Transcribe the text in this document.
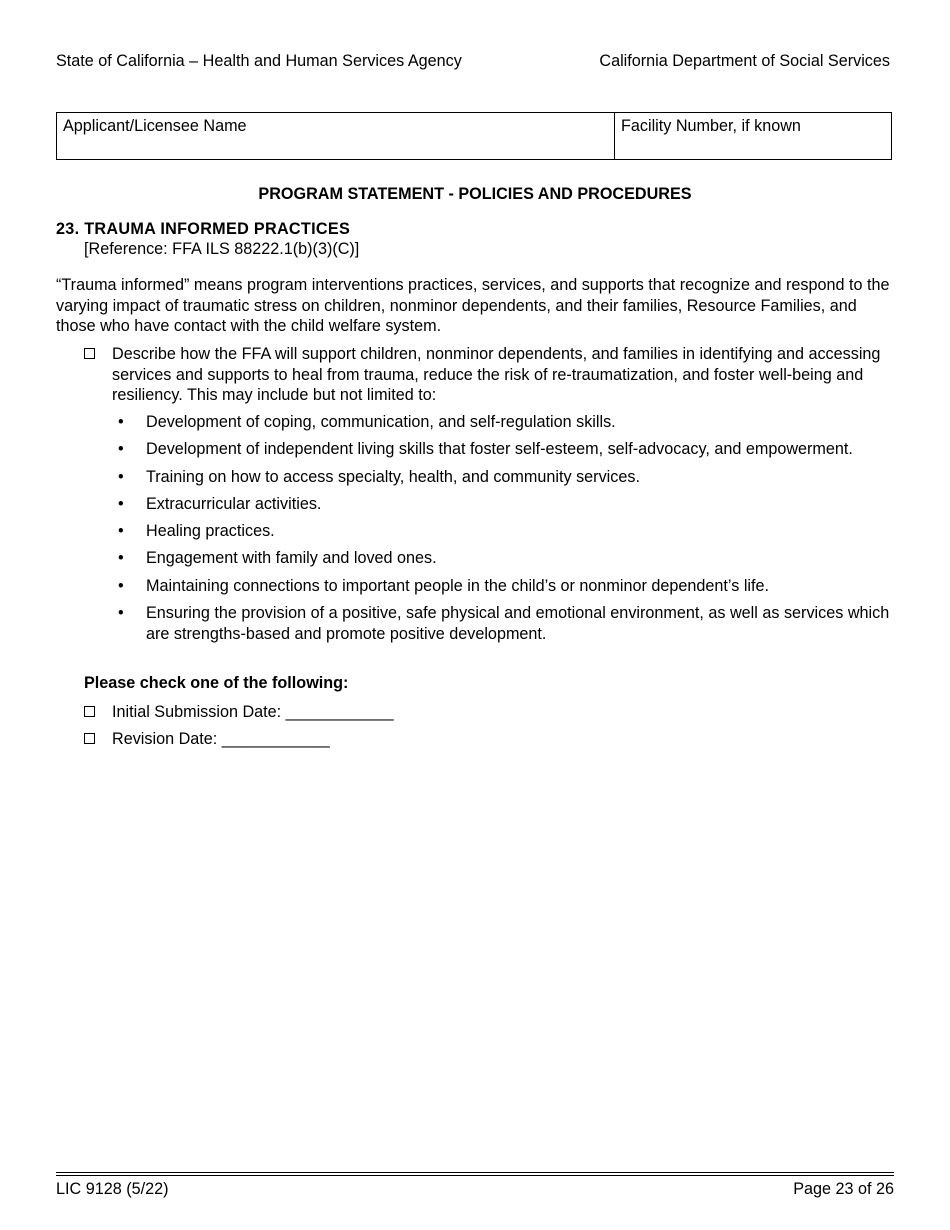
State of California – Health and Human Services Agency	California Department of Social Services
Applicant/Licensee Name	Facility Number, if known
PROGRAM STATEMENT - POLICIES AND PROCEDURES
23. TRAUMA INFORMED PRACTICES
[Reference: FFA ILS 88222.1(b)(3)(C)]
“Trauma informed” means program interventions practices, services, and supports that recognize and respond to the varying impact of traumatic stress on children, nonminor dependents, and their families, Resource Families, and those who have contact with the child welfare system.
Describe how the FFA will support children, nonminor dependents, and families in identifying and accessing services and supports to heal from trauma, reduce the risk of re-traumatization, and foster well-being and resiliency. This may include but not limited to:
• Development of coping, communication, and self-regulation skills.
• Development of independent living skills that foster self-esteem, self-advocacy, and empowerment.
• Training on how to access specialty, health, and community services.
• Extracurricular activities.
• Healing practices.
• Engagement with family and loved ones.
• Maintaining connections to important people in the child’s or nonminor dependent’s life.
• Ensuring the provision of a positive, safe physical and emotional environment, as well as services which are strengths-based and promote positive development.
Please check one of the following:
Initial Submission Date: ____________
Revision Date: ____________
LIC 9128 (5/22)	Page 23 of 26
